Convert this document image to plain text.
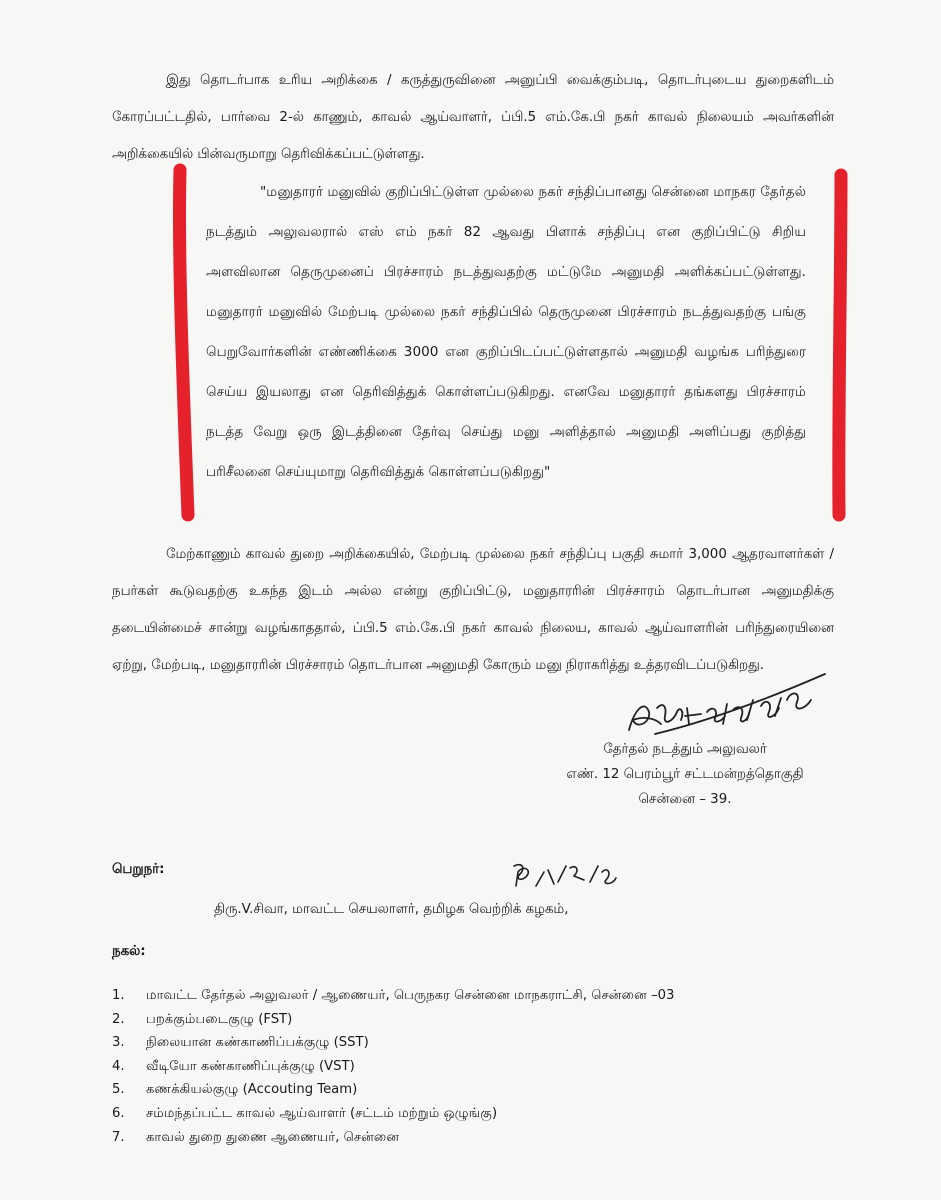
இது தொடர்பாக உரிய அறிக்கை / கருத்துருவினை அனுப்பி வைக்கும்படி, தொடர்புடைய துறைகளிடம் கோரப்பட்டதில், பார்வை 2-ல் காணும், காவல் ஆய்வாளர், ப்பி.5 எம்.கே.பி நகர் காவல் நிலையம் அவர்களின் அறிக்கையில் பின்வருமாறு தெரிவிக்கப்பட்டுள்ளது.

"மனுதாரர் மனுவில் குறிப்பிட்டுள்ள முல்லை நகர் சந்திப்பானது சென்னை மாநகர தேர்தல் நடத்தும் அலுவலரால் எஸ் எம் நகர் 82 ஆவது பிளாக் சந்திப்பு என குறிப்பிட்டு சிறிய அளவிலான தெருமுனைப் பிரச்சாரம் நடத்துவதற்கு மட்டுமே அனுமதி அளிக்கப்பட்டுள்ளது. மனுதாரர் மனுவில் மேற்படி முல்லை நகர் சந்திப்பில் தெருமுனை பிரச்சாரம் நடத்துவதற்கு பங்கு பெறுவோர்களின் எண்ணிக்கை 3000 என குறிப்பிடப்பட்டுள்ளதால் அனுமதி வழங்க பரிந்துரை செய்ய இயலாது என தெரிவித்துக் கொள்ளப்படுகிறது. எனவே மனுதாரர் தங்களது பிரச்சாரம் நடத்த வேறு ஒரு இடத்தினை தேர்வு செய்து மனு அளித்தால் அனுமதி அளிப்பது குறித்து பரிசீலனை செய்யுமாறு தெரிவித்துக் கொள்ளப்படுகிறது"

மேற்காணும் காவல் துறை அறிக்கையில், மேற்படி முல்லை நகர் சந்திப்பு பகுதி சுமார் 3,000 ஆதரவாளர்கள் / நபர்கள் கூடுவதற்கு உகந்த இடம் அல்ல என்று குறிப்பிட்டு, மனுதாரரின் பிரச்சாரம் தொடர்பான அனுமதிக்கு தடையின்மைச் சான்று வழங்காததால், ப்பி.5 எம்.கே.பி நகர் காவல் நிலைய, காவல் ஆய்வாளரின் பரிந்துரையினை ஏற்று, மேற்படி, மனுதாரரின் பிரச்சாரம் தொடர்பான அனுமதி கோரும் மனு நிராகரித்து உத்தரவிடப்படுகிறது.

தேர்தல் நடத்தும் அலுவலர்
எண். 12 பெரம்பூர் சட்டமன்றத்தொகுதி
சென்னை – 39.
பெறுநர்:
திரு.V.சிவா, மாவட்ட செயலாளர், தமிழக வெற்றிக் கழகம்,
நகல்:
1.	மாவட்ட தேர்தல் அலுவலர் / ஆணையர், பெருநகர சென்னை மாநகராட்சி, சென்னை –03
2.	பறக்கும்படைகுழு (FST)
3.	நிலையான கண்காணிப்பக்குழு (SST)
4.	வீடியோ கண்காணிப்புக்குழு (VST)
5.	கணக்கியல்குழு (Accouting Team)
6.	சம்மந்தப்பட்ட காவல் ஆய்வாளர் (சட்டம் மற்றும் ஒழுங்கு)
7.	காவல் துறை துணை ஆணையர், சென்னை
